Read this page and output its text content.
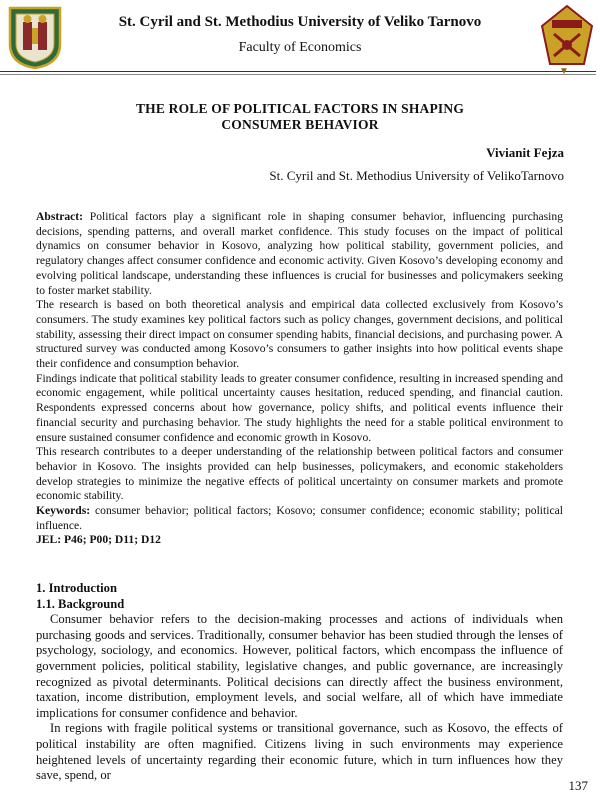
St. Cyril and St. Methodius University of Veliko Tarnovo
Faculty of Economics
▼
THE ROLE OF POLITICAL FACTORS IN SHAPING
CONSUMER BEHAVIOR
Vivianit Fejza
St. Cyril and St. Methodius University of VelikoTarnovo

Abstract: Political factors play a significant role in shaping consumer behavior, influencing purchasing decisions, spending patterns, and overall market confidence. This study focuses on the impact of political dynamics on consumer behavior in Kosovo, analyzing how political stability, government policies, and regulatory changes affect consumer confidence and economic activity. Given Kosovo’s developing economy and evolving political landscape, understanding these influences is crucial for businesses and policymakers seeking to foster market stability.

The research is based on both theoretical analysis and empirical data collected exclusively from Kosovo’s consumers. The study examines key political factors such as policy changes, government decisions, and political stability, assessing their direct impact on consumer spending habits, financial decisions, and purchasing power. A structured survey was conducted among Kosovo’s consumers to gather insights into how political events shape their confidence and consumption behavior.

Findings indicate that political stability leads to greater consumer confidence, resulting in increased spending and economic engagement, while political uncertainty causes hesitation, reduced spending, and financial caution. Respondents expressed concerns about how governance, policy shifts, and political events influence their financial security and purchasing behavior. The study highlights the need for a stable political environment to ensure sustained consumer confidence and economic growth in Kosovo.

This research contributes to a deeper understanding of the relationship between political factors and consumer behavior in Kosovo. The insights provided can help businesses, policymakers, and economic stakeholders develop strategies to minimize the negative effects of political uncertainty on consumer markets and promote economic stability.

Keywords: consumer behavior; political factors; Kosovo; consumer confidence; economic stability; political influence.

JEL: P46; P00; D11; D12

1. Introduction

1.1. Background

Consumer behavior refers to the decision-making processes and actions of individuals when purchasing goods and services. Traditionally, consumer behavior has been studied through the lenses of psychology, sociology, and economics. However, political factors, which encompass the influence of government policies, political stability, legislative changes, and public governance, are increasingly recognized as pivotal determinants. Political decisions can directly affect the business environment, taxation, income distribution, employment levels, and social welfare, all of which have immediate implications for consumer confidence and behavior.

In regions with fragile political systems or transitional governance, such as Kosovo, the effects of political instability are often magnified. Citizens living in such environments may experience heightened levels of uncertainty regarding their economic future, which in turn influences how they save, spend, or

137
